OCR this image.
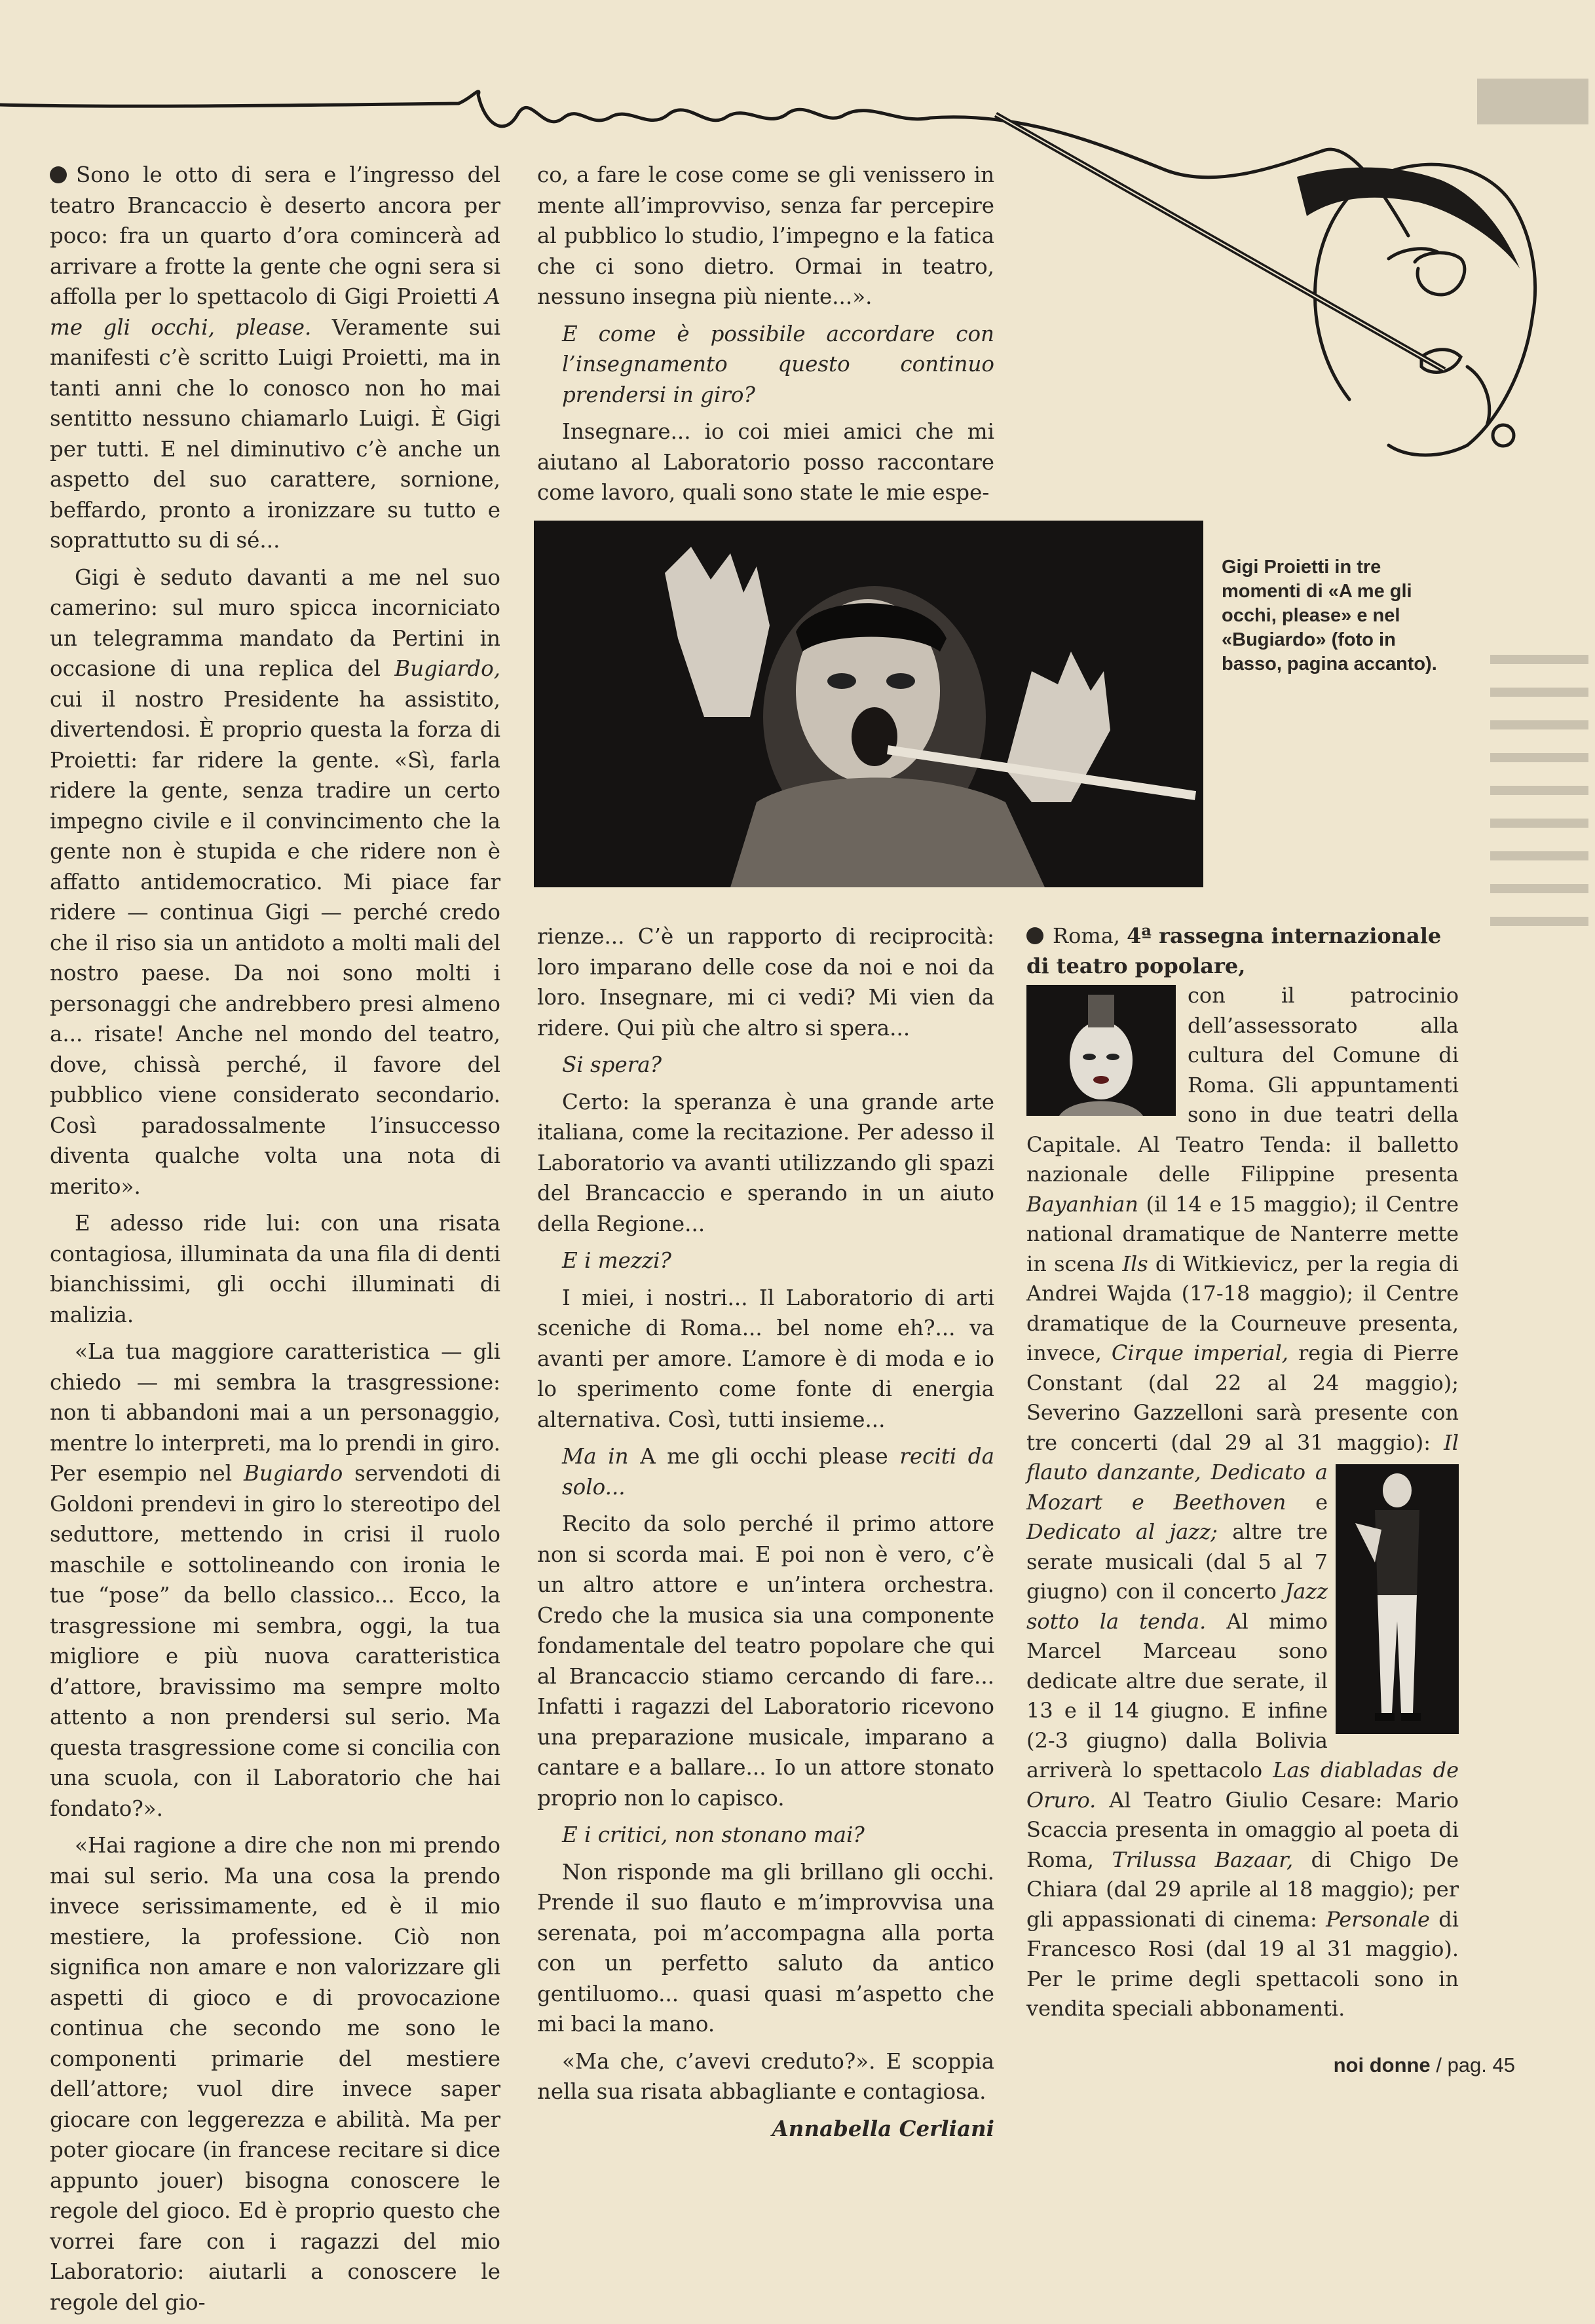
Sono le otto di sera e l’ingresso del teatro Brancaccio è deserto ancora per poco: fra un quarto d’ora comincerà ad arrivare a frotte la gente che ogni sera si affolla per lo spettacolo di Gigi Proietti A me gli occhi, please. Veramente sui manifesti c’è scritto Luigi Proietti, ma in tanti anni che lo conosco non ho mai sentitto nessuno chiamarlo Luigi. È Gigi per tutti. E nel diminutivo c’è anche un aspetto del suo carattere, sornione, beffardo, pronto a ironizzare su tutto e soprattutto su di sé...

Gigi è seduto davanti a me nel suo camerino: sul muro spicca incorniciato un telegramma mandato da Pertini in occasione di una replica del Bugiardo, cui il nostro Presidente ha assistito, divertendosi. È proprio questa la forza di Proietti: far ridere la gente. «Sì, farla ridere la gente, senza tradire un certo impegno civile e il convincimento che la gente non è stupida e che ridere non è affatto antidemocratico. Mi piace far ridere — continua Gigi — perché credo che il riso sia un antidoto a molti mali del nostro paese. Da noi sono molti i personaggi che andrebbero presi almeno a... risate! Anche nel mondo del teatro, dove, chissà perché, il favore del pubblico viene considerato secondario. Così paradossalmente l’insuccesso diventa qualche volta una nota di merito».

E adesso ride lui: con una risata contagiosa, illuminata da una fila di denti bianchissimi, gli occhi illuminati di malizia.

«La tua maggiore caratteristica — gli chiedo — mi sembra la trasgressione: non ti abbandoni mai a un personaggio, mentre lo interpreti, ma lo prendi in giro. Per esempio nel Bugiardo servendoti di Goldoni prendevi in giro lo stereotipo del seduttore, mettendo in crisi il ruolo maschile e sottolineando con ironia le tue “pose” da bello classico... Ecco, la trasgressione mi sembra, oggi, la tua migliore e più nuova caratteristica d’attore, bravissimo ma sempre molto attento a non prendersi sul serio. Ma questa trasgressione come si concilia con una scuola, con il Laboratorio che hai fondato?».

«Hai ragione a dire che non mi prendo mai sul serio. Ma una cosa la prendo invece serissimamente, ed è il mio mestiere, la professione. Ciò non significa non amare e non valorizzare gli aspetti di gioco e di provocazione continua che secondo me sono le componenti primarie del mestiere dell’attore; vuol dire invece saper giocare con leggerezza e abilità. Ma per poter giocare (in francese recitare si dice appunto jouer) bisogna conoscere le regole del gioco. Ed è proprio questo che vorrei fare con i ragazzi del mio Laboratorio: aiutarli a conoscere le regole del gio-

co, a fare le cose come se gli venissero in mente all’improvviso, senza far percepire al pubblico lo studio, l’impegno e la fatica che ci sono dietro. Ormai in teatro, nessuno insegna più niente...».

E come è possibile accordare con l’insegnamento questo continuo prendersi in giro?

Insegnare... io coi miei amici che mi aiutano al Laboratorio posso raccontare come lavoro, quali sono state le mie espe-

Gigi Proietti in tre momenti di «A me gli occhi, please» e nel «Bugiardo» (foto in basso, pagina accanto).

rienze... C’è un rapporto di reciprocità: loro imparano delle cose da noi e noi da loro. Insegnare, mi ci vedi? Mi vien da ridere. Qui più che altro si spera...

Si spera?

Certo: la speranza è una grande arte italiana, come la recitazione. Per adesso il Laboratorio va avanti utilizzando gli spazi del Brancaccio e sperando in un aiuto della Regione...

E i mezzi?

I miei, i nostri... Il Laboratorio di arti sceniche di Roma... bel nome eh?... va avanti per amore. L’amore è di moda e io lo sperimento come fonte di energia alternativa. Così, tutti insieme...

Ma in A me gli occhi please reciti da solo...

Recito da solo perché il primo attore non si scorda mai. E poi non è vero, c’è un altro attore e un’intera orchestra. Credo che la musica sia una componente fondamentale del teatro popolare che qui al Brancaccio stiamo cercando di fare... Infatti i ragazzi del Laboratorio ricevono una preparazione musicale, imparano a cantare e a ballare... Io un attore stonato proprio non lo capisco.

E i critici, non stonano mai?

Non risponde ma gli brillano gli occhi. Prende il suo flauto e m’improvvisa una serenata, poi m’accompagna alla porta con un perfetto saluto da antico gentiluomo... quasi quasi m’aspetto che mi baci la mano.

«Ma che, c’avevi creduto?». E scoppia nella sua risata abbagliante e contagiosa.

Annabella Cerliani

Roma, 4ª rassegna internazionale di teatro popolare,

con il patrocinio dell’assessorato alla cultura del Comune di Roma. Gli appuntamenti sono in due teatri della Capitale. Al Teatro Tenda: il balletto nazionale delle Filippine presenta Bayanhian (il 14 e 15 maggio); il Centre national dramatique de Nanterre mette in scena Ils di Witkievicz, per la regia di Andrei Wajda (17-18 maggio); il Centre dramatique de la Courneuve presenta, invece, Cirque imperial, regia di Pierre Constant (dal 22 al 24 maggio); Severino Gazzelloni sarà presente con tre concerti (dal 29 al 31 maggio):
Il flauto danzante, Dedicato a Mozart e Beethoven e Dedicato al jazz; altre tre serate musicali (dal 5 al 7 giugno) con il concerto Jazz sotto la tenda. Al mimo Marcel Marceau sono dedicate altre due serate, il 13 e il 14 giugno. E infine (2-3 giugno) dalla Bolivia arriverà lo spettacolo Las diabladas de Oruro. Al Teatro Giulio Cesare: Mario Scaccia presenta in omaggio al poeta di Roma, Trilussa Bazaar, di Chigo De Chiara (dal 29 aprile al 18 maggio); per gli appassionati di cinema: Personale di Francesco Rosi (dal 19 al 31 maggio). Per le prime degli spettacoli sono in vendita speciali abbonamenti.

noi donne / pag. 45
